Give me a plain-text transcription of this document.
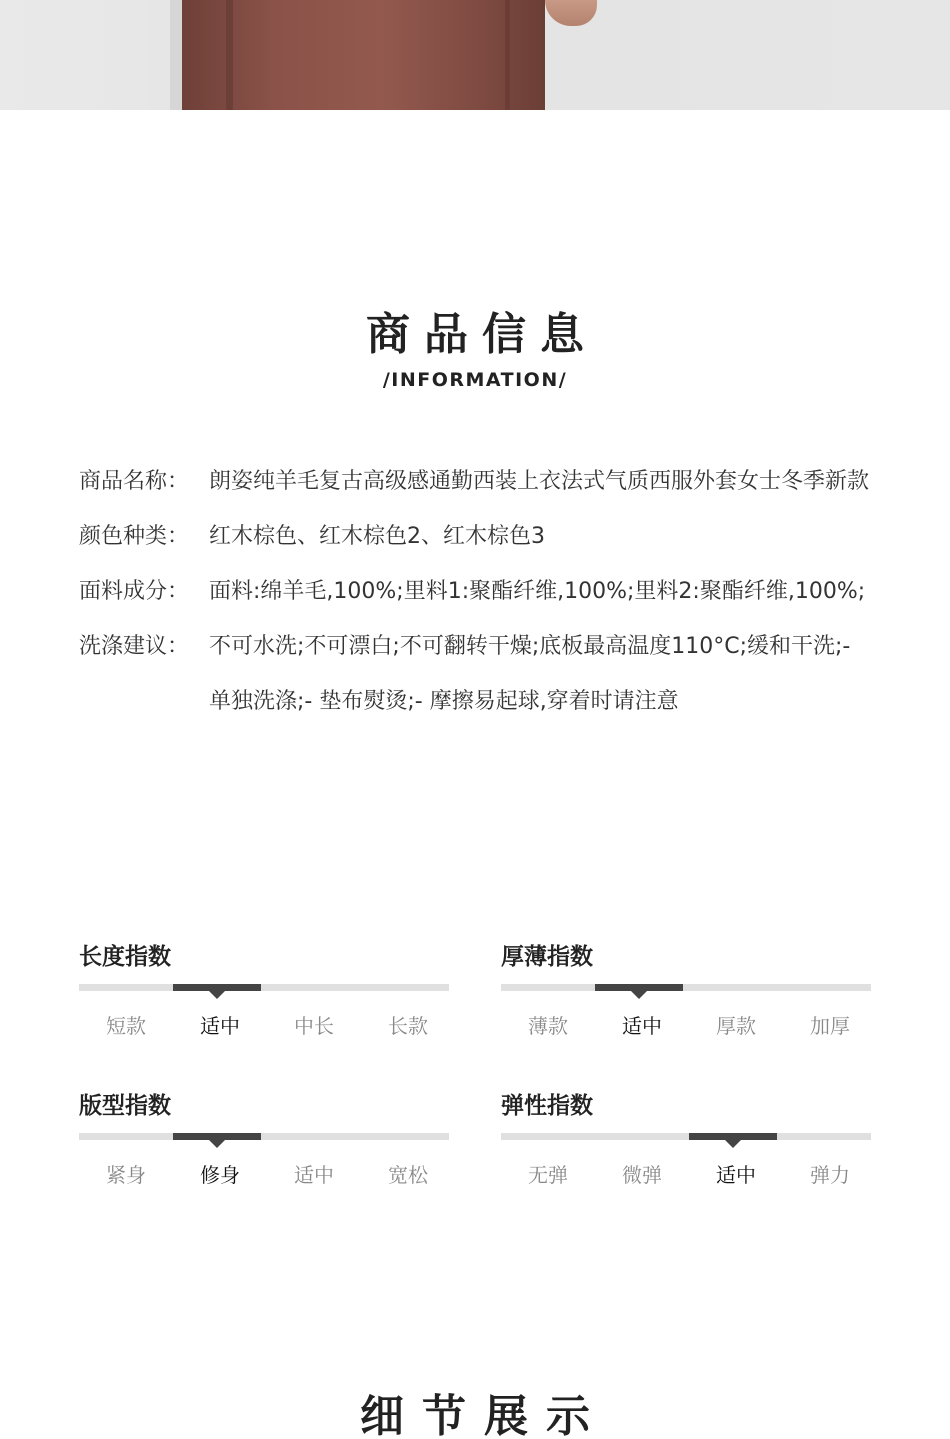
商品信息
/INFORMATION/
商品名称： 朗姿纯羊毛复古高级感通勤西装上衣法式气质西服外套女士冬季新款
颜色种类： 红木棕色、红木棕色2、红木棕色3
面料成分： 面料:绵羊毛,100%;里料1:聚酯纤维,100%;里料2:聚酯纤维,100%;
洗涤建议： 不可水洗;不可漂白;不可翻转干燥;底板最高温度110°C;缓和干洗;- 单独洗涤;- 垫布熨烫;- 摩擦易起球,穿着时请注意
长度指数
短款	适中	中长	长款
厚薄指数
薄款	适中	厚款	加厚
版型指数
紧身	修身	适中	宽松
弹性指数
无弹	微弹	适中	弹力
细节展示
